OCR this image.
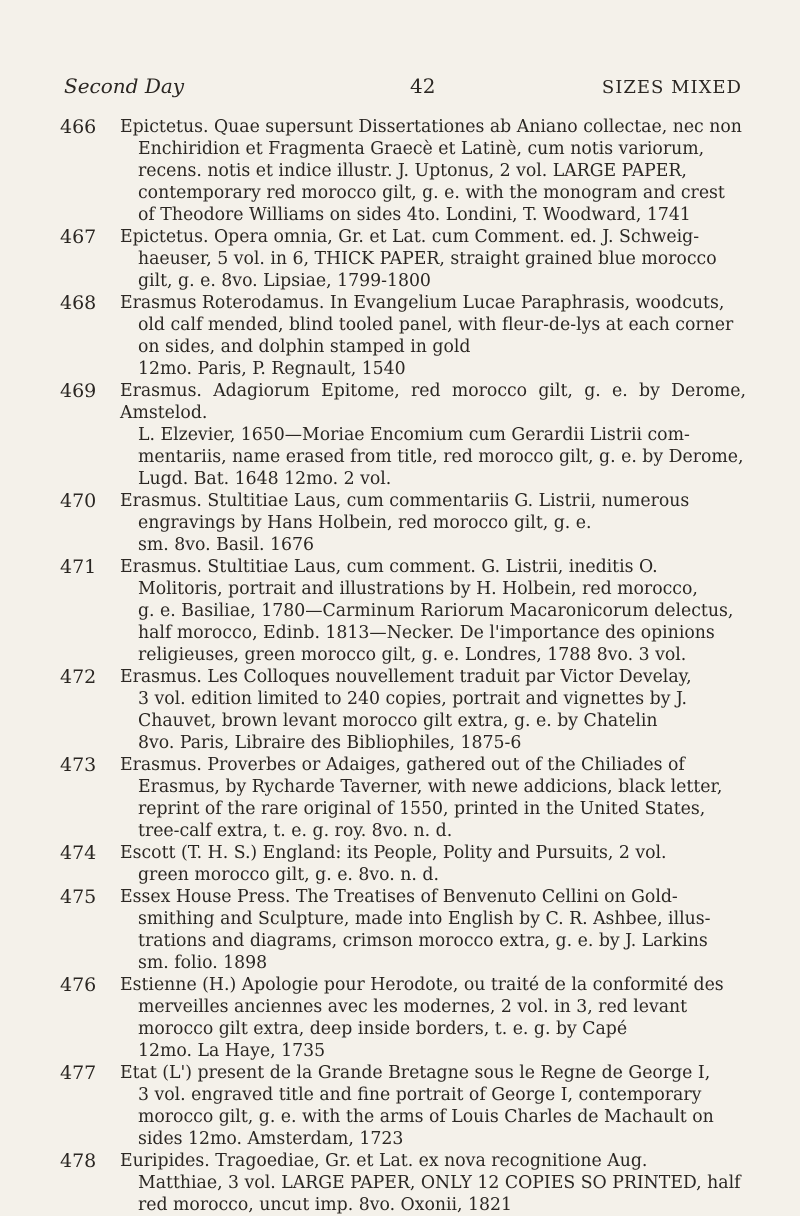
Second Day	42	SIZES MIXED
466	Epictetus. Quae supersunt Dissertationes ab Aniano collectae, nec non
Enchiridion et Fragmenta Graecè et Latinè, cum notis variorum,
recens. notis et indice illustr. J. Uptonus, 2 vol. LARGE PAPER,
contemporary red morocco gilt, g. e. with the monogram and crest
of Theodore Williams on sides 4to. Londini, T. Woodward, 1741
467	Epictetus. Opera omnia, Gr. et Lat. cum Comment. ed. J. Schweig-
haeuser, 5 vol. in 6, THICK PAPER, straight grained blue morocco
gilt, g. e. 8vo. Lipsiae, 1799-1800
468	Erasmus Roterodamus. In Evangelium Lucae Paraphrasis, woodcuts,
old calf mended, blind tooled panel, with fleur-de-lys at each corner
on sides, and dolphin stamped in gold
12mo. Paris, P. Regnault, 1540
469	Erasmus. Adagiorum Epitome, red morocco gilt, g. e. by Derome, Amstelod.
L. Elzevier, 1650—Moriae Encomium cum Gerardii Listrii com-
mentariis, name erased from title, red morocco gilt, g. e. by Derome,
Lugd. Bat. 1648 12mo. 2 vol.
470	Erasmus. Stultitiae Laus, cum commentariis G. Listrii, numerous
engravings by Hans Holbein, red morocco gilt, g. e.
sm. 8vo. Basil. 1676
471	Erasmus. Stultitiae Laus, cum comment. G. Listrii, ineditis O.
Molitoris, portrait and illustrations by H. Holbein, red morocco,
g. e. Basiliae, 1780—Carminum Rariorum Macaronicorum delectus,
half morocco, Edinb. 1813—Necker. De l'importance des opinions
religieuses, green morocco gilt, g. e. Londres, 1788 8vo. 3 vol.
472	Erasmus. Les Colloques nouvellement traduit par Victor Develay,
3 vol. edition limited to 240 copies, portrait and vignettes by J.
Chauvet, brown levant morocco gilt extra, g. e. by Chatelin
8vo. Paris, Libraire des Bibliophiles, 1875-6
473	Erasmus. Proverbes or Adaiges, gathered out of the Chiliades of
Erasmus, by Rycharde Taverner, with newe addicions, black letter,
reprint of the rare original of 1550, printed in the United States,
tree-calf extra, t. e. g. roy. 8vo. n. d.
474	Escott (T. H. S.) England: its People, Polity and Pursuits, 2 vol.
green morocco gilt, g. e. 8vo. n. d.
475	Essex House Press. The Treatises of Benvenuto Cellini on Gold-
smithing and Sculpture, made into English by C. R. Ashbee, illus-
trations and diagrams, crimson morocco extra, g. e. by J. Larkins
sm. folio. 1898
476	Estienne (H.) Apologie pour Herodote, ou traité de la conformité des
merveilles anciennes avec les modernes, 2 vol. in 3, red levant
morocco gilt extra, deep inside borders, t. e. g. by Capé
12mo. La Haye, 1735
477	Etat (L') present de la Grande Bretagne sous le Regne de George I,
3 vol. engraved title and fine portrait of George I, contemporary
morocco gilt, g. e. with the arms of Louis Charles de Machault on
sides 12mo. Amsterdam, 1723
478	Euripides. Tragoediae, Gr. et Lat. ex nova recognitione Aug.
Matthiae, 3 vol. LARGE PAPER, ONLY 12 COPIES SO PRINTED, half
red morocco, uncut imp. 8vo. Oxonii, 1821
